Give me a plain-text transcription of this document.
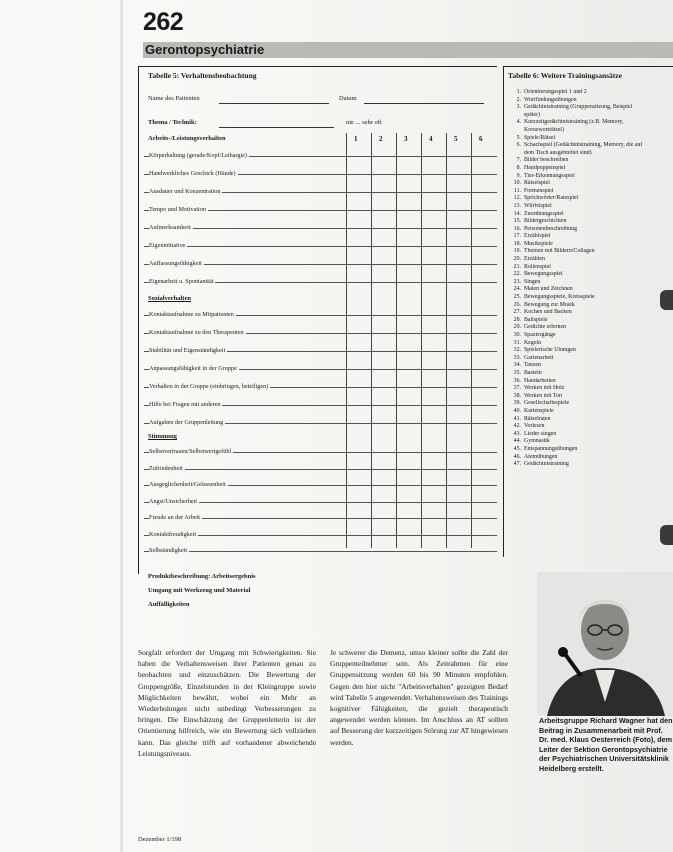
262
Gerontopsychiatrie
Tabelle 5: Verhaltensbeobachtung
Name des Patienten	Datum
Thema / Technik:	nie ... sehr oft
Arbeits-/Leistungsverhalten	1	2	3	4	5	6
Körperhaltung (gerade/Kopf/Lethargie)
Handwerkliches Geschick (Hände)
Ausdauer und Konzentration
Tempo und Motivation
Aufmerksamkeit
Eigeninitiative
Auffassungsfähigkeit
Eigenarbeit u. Spontanität
Sozialverhalten
Kontaktaufnahme zu Mitpatienten
Kontaktaufnahme zu den Therapeuten
Stabilität und Eigenständigkeit
Anpassungsfähigkeit in der Gruppe
Verhalten in der Gruppe (einbringen, beteiligen)
Hilfe bei Fragen mit anderen
Aufgaben der Gruppenleitung
Stimmung
Selbstvertrauen/Selbstwertgefühl
Zufriedenheit
Ausgeglichenheit/Gelassenheit
Angst/Unsicherheit
Freude an der Arbeit
Kontaktfreudigkeit
Selbständigkeit
Produktbeschreibung: Arbeitsergebnis
Umgang mit Werkzeug und Material
Auffälligkeiten
Tabelle 6: Weitere Trainingsansätze
1. Orientierungsspiel 1 und 2
2. Wortfindungsübungen
3. Gedächtnistraining (Gruppensitzung, Beispiel
später)
4. Kurzzeitgedächtnistraining (z.B. Memory,
Kreuzworträtsel)
5. Spiele/Rätsel
6. Schachspiel (Gedächtnistraining, Memory, die auf
dem Tisch ausgebreitet sind)
7. Bilder beschreiben
8. Handpuppenspiel
9. Tier-Erkennungsspiel
10. Rätselspiel
11. Formenspiel
12. Sprichwörter/Ratespiel
13. Würfelspiel
14. Zuordnungsspiel
15. Bildergeschichten
16. Personenbeschreibung
17. Erzählspiel
18. Musikspiele
19. Themen mit Bildern/Collagen
20. Erzählen
21. Rollenspiel
22. Bewegungsspiel
23. Singen
24. Malen und Zeichnen
25. Bewegungsspiele, Kreisspiele
26. Bewegung zur Musik
27. Kochen und Backen
28. Ballspiele
29. Gedichte erlernen
30. Spaziergänge
31. Kegeln
32. Spielerische Übungen
33. Gartenarbeit
34. Tanzen
35. Basteln
36. Handarbeiten
37. Werken mit Holz
38. Werken mit Ton
39. Gesellschaftsspiele
40. Kartenspiele
41. Rätselraten
42. Vorlesen
43. Lieder singen
44. Gymnastik
45. Entspannungsübungen
46. Atemübungen
47. Gedächtnistraining
Arbeitsgruppe Richard Wagner hat den Beitrag in Zusammenarbeit mit Prof. Dr. med. Klaus Oesterreich (Foto), dem Leiter der Sektion Gerontopsychiatrie der Psychiatrischen Universitätsklinik Heidelberg erstellt.
Sorgfalt erfordert der Umgang mit Schwierigkeiten. Sie haben die Verhaltensweisen ihrer Patienten genau zu beobachten und einzuschätzen. Die Bewertung der Gruppengröße, Einzelstunden in der Kleingruppe sowie Möglichkeiten bewährt, wobei ein Mehr an Wiederholungen nicht unbedingt Verbesserungen zu bringen. Die Einschätzung der Gruppenleiterin ist der Orientierung hilfreich, wie ein Bewertung sich vollziehen kann. Das gleiche trifft auf vorhandener abweichende Leistungsniveaus.
Je schwerer die Demenz, umso kleiner sollte die Zahl der Gruppenteilnehmer sein. Als Zeitrahmen für eine Gruppensitzung werden 60 bis 90 Minuten empfohlen. Gegen den hier nicht "Arbeitsverhalten" gezeigten Bedarf wird Tabelle 5 angewendet. Verhaltensweisen des Trainings kognitiver Fähigkeiten, die gezielt therapeutisch angewendet werden können. Im Anschluss an AT sollten auf Besserung der kurzzeitigen Störung zur AT hingewiesen werden.
Dezember 1/198
